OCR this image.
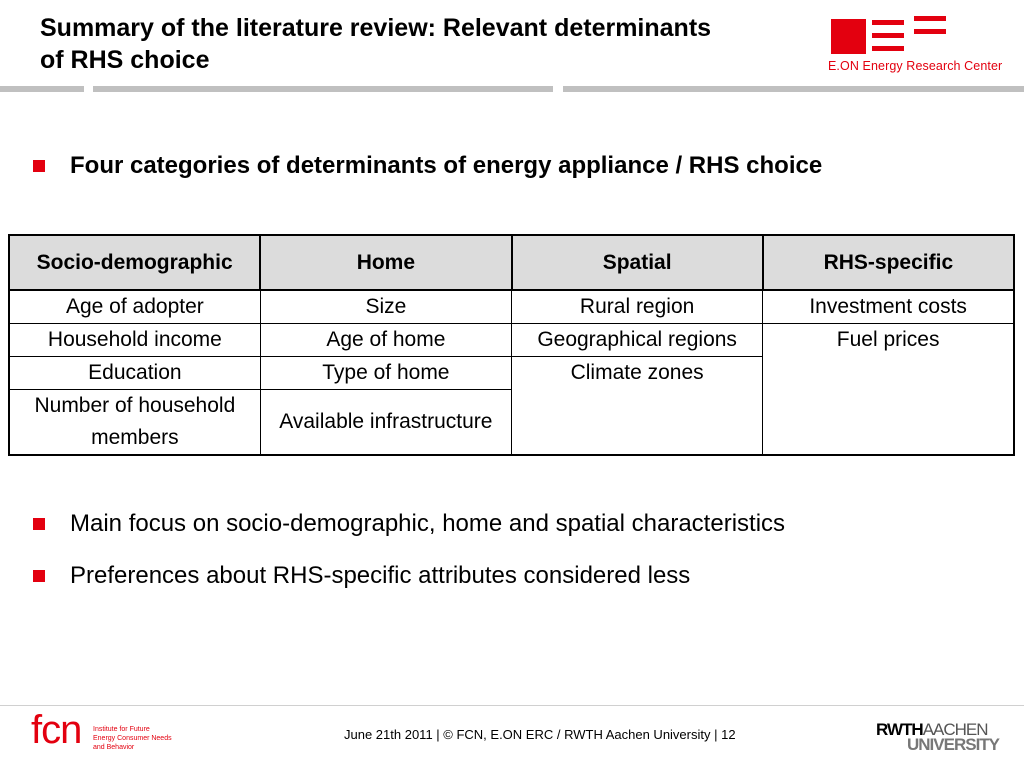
Summary of the literature review: Relevant determinants
of RHS choice	E.ON Energy Research Center
Four categories of determinants of energy appliance / RHS choice
Socio-demographic	Home	Spatial	RHS-specific
Age of adopter	Size	Rural region	Investment costs
Household income	Age of home	Geographical regions	Fuel prices
Education	Type of home	Climate zones	
Number of household members	Available infrastructure		
Main focus on socio-demographic, home and spatial characteristics
Preferences about RHS-specific attributes considered less
fcn Institute for Future
Energy Consumer Needs
and Behavior
June 21th 2011 | © FCN, E.ON ERC / RWTH Aachen University | 12	RWTHAACHEN
UNIVERSITY
